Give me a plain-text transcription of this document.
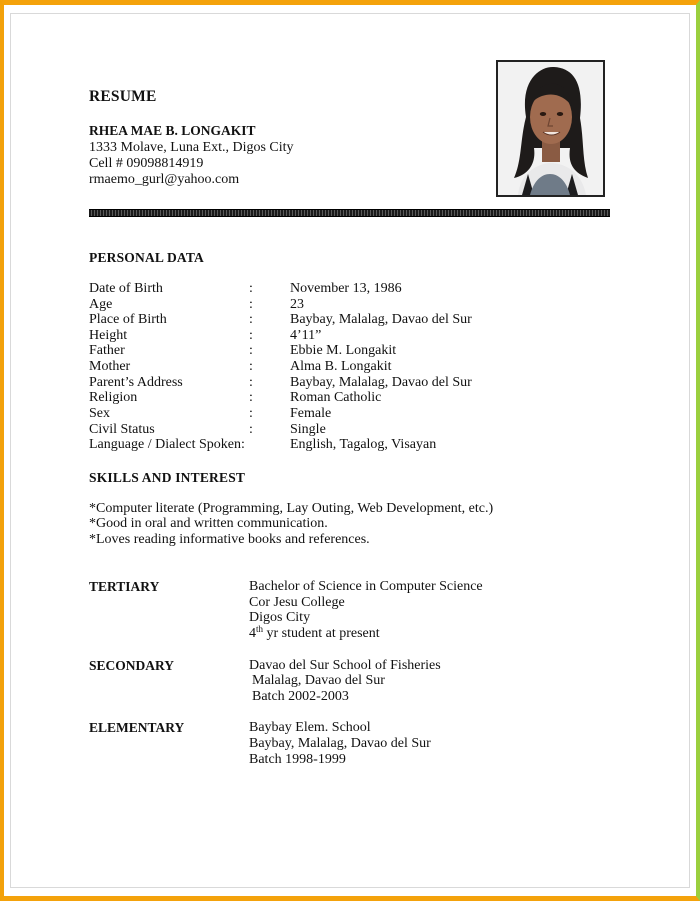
RESUME
RHEA MAE B. LONGAKIT
1333 Molave, Luna Ext., Digos City
Cell # 09098814919
rmaemo_gurl@yahoo.com
PERSONAL DATA
Date of Birth	:	November 13, 1986
Age	:	23
Place of Birth	:	Baybay, Malalag, Davao del Sur
Height	:	4’11”
Father	:	Ebbie M. Longakit
Mother	:	Alma B. Longakit
Parent’s Address	:	Baybay, Malalag, Davao del Sur
Religion	:	Roman Catholic
Sex	:	Female
Civil Status	:	Single
Language / Dialect Spoken:	English, Tagalog, Visayan
SKILLS AND INTEREST
*Computer literate (Programming, Lay Outing, Web Development, etc.)
*Good in oral and written communication.
*Loves reading informative books and references.
TERTIARY	Bachelor of Science in Computer Science
Cor Jesu College
Digos City
4th yr student at present
SECONDARY	Davao del Sur School of Fisheries
Malalag, Davao del Sur
Batch 2002-2003
ELEMENTARY	Baybay Elem. School
Baybay, Malalag, Davao del Sur
Batch 1998-1999
